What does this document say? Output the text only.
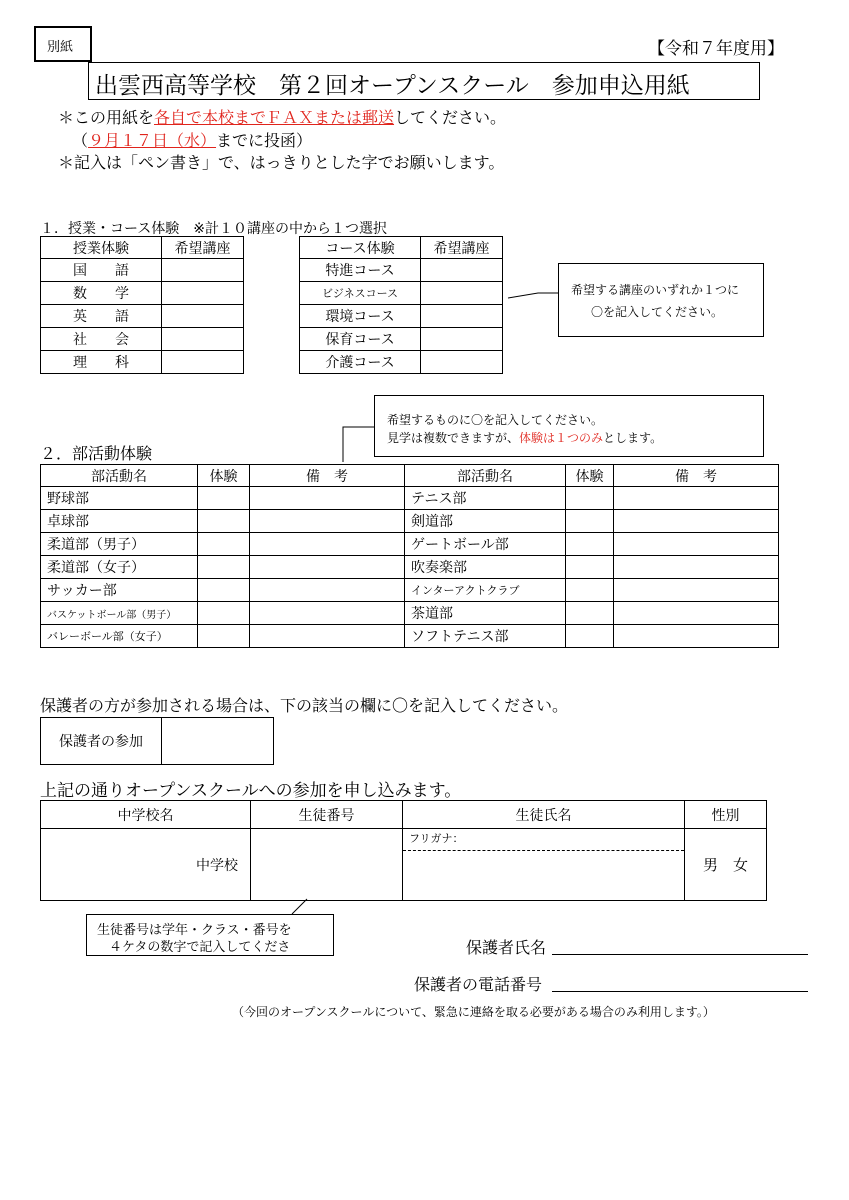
別紙	【令和７年度用】
出雲西高等学校　第２回オープンスクール　参加申込用紙
＊この用紙を各自で本校までＦＡＸまたは郵送してください。
（９月１７日（水）までに投函）
＊記入は「ペン書き」で、はっきりとした字でお願いします。
１．授業・コース体験　※計１０講座の中から１つ選択
授業体験	希望講座
国　　語	
数　　学	
英　　語	
社　　会	
理　　科	
コース体験	希望講座
特進コース	
ビジネスコース	
環境コース	
保育コース	
介護コース	
希望する講座のいずれか１つに
〇を記入してください。
希望するものに〇を記入してください。
見学は複数できますが、体験は１つのみとします。
２．部活動体験
部活動名	体験	備　考	部活動名	体験	備　考
野球部			テニス部		
卓球部			剣道部		
柔道部（男子）			ゲートボール部		
柔道部（女子）			吹奏楽部		
サッカー部			インターアクトクラブ		
バスケットボール部（男子）			茶道部		
バレーボール部（女子）			ソフトテニス部		
保護者の方が参加される場合は、下の該当の欄に〇を記入してください。
保護者の参加	
上記の通りオープンスクールへの参加を申し込みます。
中学校名	生徒番号	生徒氏名	性別
中学校		フリガナ：	男　女
生徒番号は学年・クラス・番号を
４ケタの数字で記入してくださ	保護者氏名
保護者の電話番号
（今回のオープンスクールについて、緊急に連絡を取る必要がある場合のみ利用します。）
